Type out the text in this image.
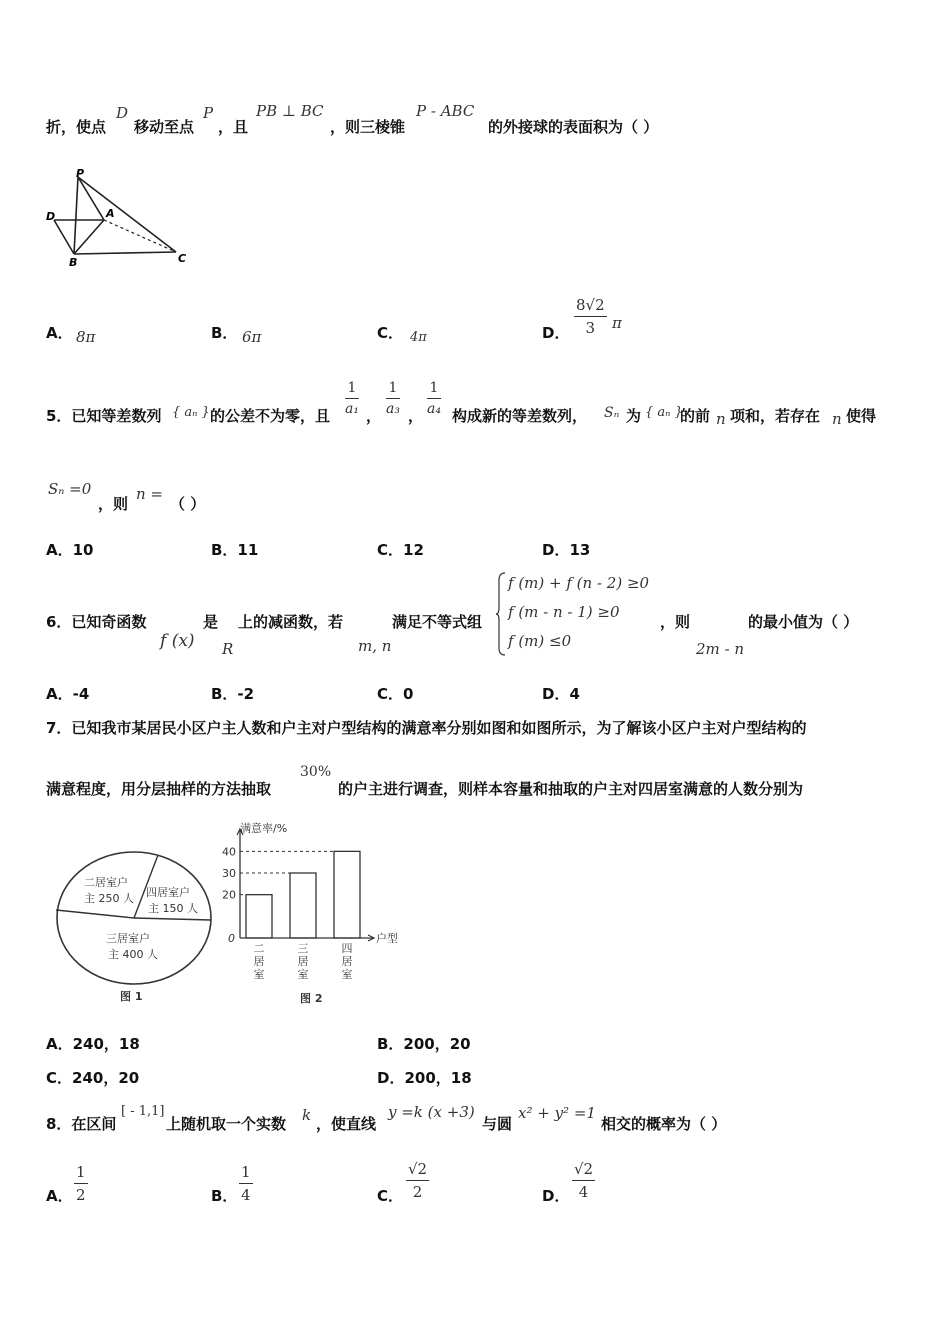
折，使点
D
移动至点
P
，且
PB ⊥ BC
，则三棱锥
P - ABC
的外接球的表面积为（ ）
P
D	A
B	C
A． 8π	B． 6π	C． 4π	D．
8√2
3 π
5．已知等差数列 { aₙ } 的公差不为零，且
1
a₁ ，
1
a₃ ，
1
a₄ 构成新的等差数列， Sₙ 为 { aₙ }
的前 n 项和，若存在 n 使得
Sₙ =0
，则
n =
（ ）
A．10	B．11	C．12	D．13
6．已知奇函数
f (x)
是
R
上的减函数，若
m, n
满足不等式组
f (m) + f (n - 2) ≥0
f (m - n - 1) ≥0
f (m) ≤0
，则
2m - n
的最小值为（ ）
A．-4	B．-2	C．0	D．4
7．已知我市某居民小区户主人数和户主对户型结构的满意率分别如图和如图所示，为了解该小区户主对户型结构的
满意程度，用分层抽样的方法抽取
30%
的户主进行调查，则样本容量和抽取的户主对四居室满意的人数分别为
二居室户
主 250 人 四居室户
主 150 人
三居室户
主 400 人
图 1
满意率/%
户型
0
20
二
居
室
30
三
居
室
40
四
居
室
图 2
A．240，18	B．200，20
C．240，20	D．200，18
8．在区间
[ - 1,1]
上随机取一个实数 k ，使直线
y =k (x +3)
与圆
x² + y² =1
相交的概率为（ ）
A．
1
2	B．
1
4	C．
√2
2	D．
√2
4
